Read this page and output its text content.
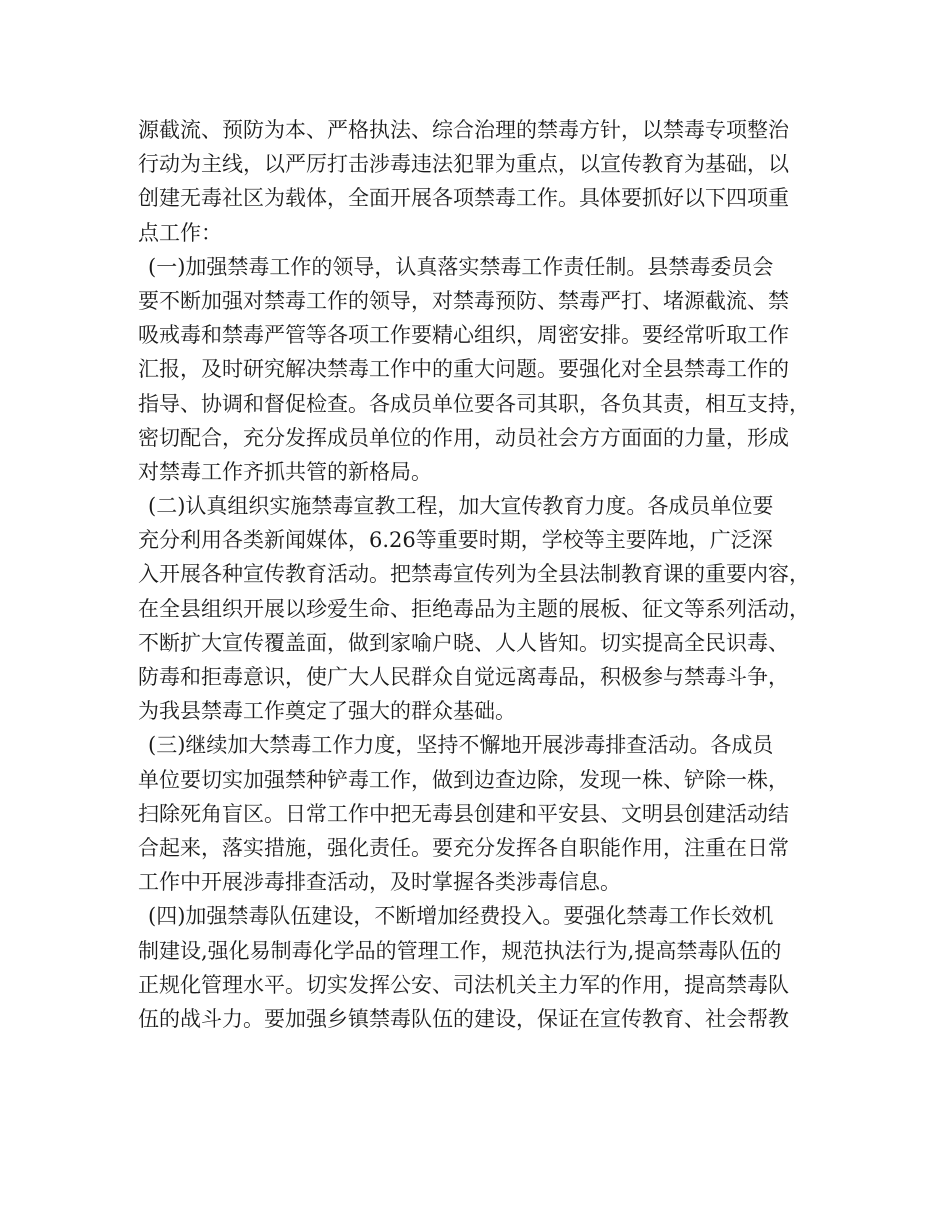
源截流、预防为本、严格执法、综合治理的禁毒方针，以禁毒专项整治
行动为主线，以严厉打击涉毒违法犯罪为重点，以宣传教育为基础，以
创建无毒社区为载体，全面开展各项禁毒工作。具体要抓好以下四项重
点工作：
(一)加强禁毒工作的领导，认真落实禁毒工作责任制。县禁毒委员会
要不断加强对禁毒工作的领导，对禁毒预防、禁毒严打、堵源截流、禁
吸戒毒和禁毒严管等各项工作要精心组织，周密安排。要经常听取工作
汇报，及时研究解决禁毒工作中的重大问题。要强化对全县禁毒工作的
指导、协调和督促检查。各成员单位要各司其职，各负其责，相互支持，
密切配合，充分发挥成员单位的作用，动员社会方方面面的力量，形成
对禁毒工作齐抓共管的新格局。
(二)认真组织实施禁毒宣教工程，加大宣传教育力度。各成员单位要
充分利用各类新闻媒体，6.26等重要时期，学校等主要阵地，广泛深
入开展各种宣传教育活动。把禁毒宣传列为全县法制教育课的重要内容，
在全县组织开展以珍爱生命、拒绝毒品为主题的展板、征文等系列活动，
不断扩大宣传覆盖面，做到家喻户晓、人人皆知。切实提高全民识毒、
防毒和拒毒意识，使广大人民群众自觉远离毒品，积极参与禁毒斗争，
为我县禁毒工作奠定了强大的群众基础。
(三)继续加大禁毒工作力度，坚持不懈地开展涉毒排查活动。各成员
单位要切实加强禁种铲毒工作，做到边查边除，发现一株、铲除一株，
扫除死角盲区。日常工作中把无毒县创建和平安县、文明县创建活动结
合起来，落实措施，强化责任。要充分发挥各自职能作用，注重在日常
工作中开展涉毒排查活动，及时掌握各类涉毒信息。
(四)加强禁毒队伍建设，不断增加经费投入。要强化禁毒工作长效机
制建设,强化易制毒化学品的管理工作，规范执法行为,提高禁毒队伍的
正规化管理水平。切实发挥公安、司法机关主力军的作用，提高禁毒队
伍的战斗力。要加强乡镇禁毒队伍的建设，保证在宣传教育、社会帮教
